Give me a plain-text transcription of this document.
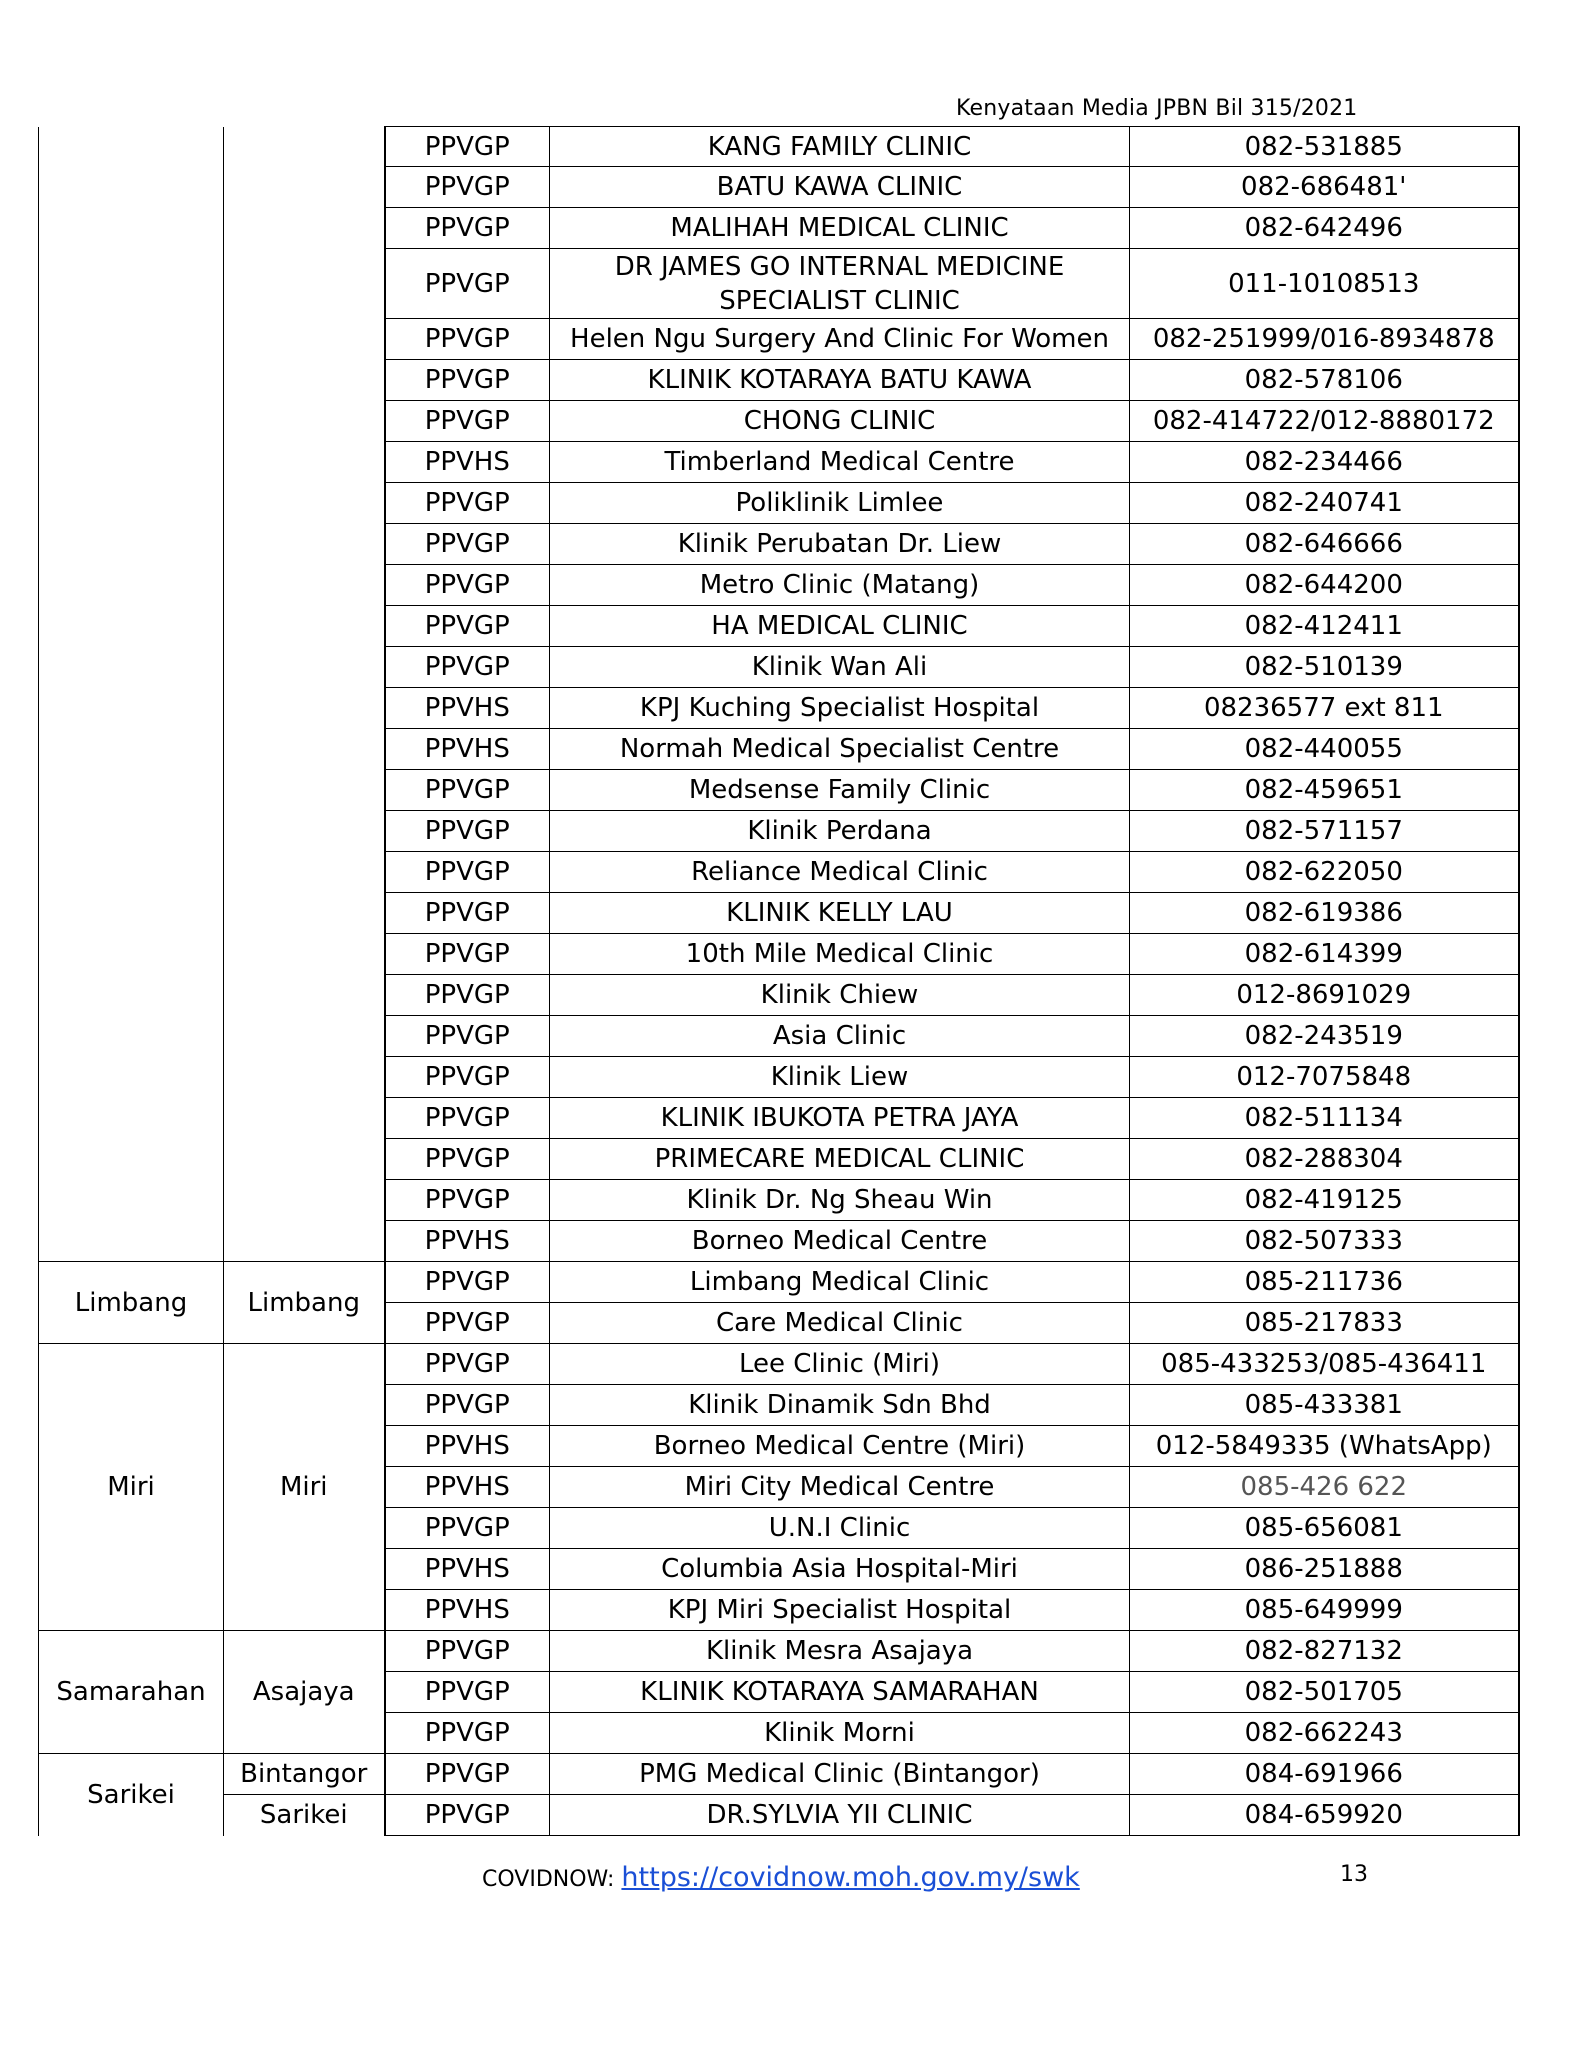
Kenyataan Media JPBN Bil 315/2021
		PPVGP	KANG FAMILY CLINIC	082-531885
		PPVGP	BATU KAWA CLINIC	082-686481'
		PPVGP	MALIHAH MEDICAL CLINIC	082-642496
		PPVGP	DR JAMES GO INTERNAL MEDICINE SPECIALIST CLINIC	011-10108513
		PPVGP	Helen Ngu Surgery And Clinic For Women	082-251999/016-8934878
		PPVGP	KLINIK KOTARAYA BATU KAWA	082-578106
		PPVGP	CHONG CLINIC	082-414722/012-8880172
		PPVHS	Timberland Medical Centre	082-234466
		PPVGP	Poliklinik Limlee	082-240741
		PPVGP	Klinik Perubatan Dr. Liew	082-646666
		PPVGP	Metro Clinic (Matang)	082-644200
		PPVGP	HA MEDICAL CLINIC	082-412411
		PPVGP	Klinik Wan Ali	082-510139
		PPVHS	KPJ Kuching Specialist Hospital	08236577 ext 811
		PPVHS	Normah Medical Specialist Centre	082-440055
		PPVGP	Medsense Family Clinic	082-459651
		PPVGP	Klinik Perdana	082-571157
		PPVGP	Reliance Medical Clinic	082-622050
		PPVGP	KLINIK KELLY LAU	082-619386
		PPVGP	10th Mile Medical Clinic	082-614399
		PPVGP	Klinik Chiew	012-8691029
		PPVGP	Asia Clinic	082-243519
		PPVGP	Klinik Liew	012-7075848
		PPVGP	KLINIK IBUKOTA PETRA JAYA	082-511134
		PPVGP	PRIMECARE MEDICAL CLINIC	082-288304
		PPVGP	Klinik Dr. Ng Sheau Win	082-419125
		PPVHS	Borneo Medical Centre	082-507333
Limbang	Limbang	PPVGP	Limbang Medical Clinic	085-211736
		PPVGP	Care Medical Clinic	085-217833
Miri	Miri	PPVGP	Lee Clinic (Miri)	085-433253/085-436411
		PPVGP	Klinik Dinamik Sdn Bhd	085-433381
		PPVHS	Borneo Medical Centre (Miri)	012-5849335 (WhatsApp)
		PPVHS	Miri City Medical Centre	085-426 622
		PPVGP	U.N.I Clinic	085-656081
		PPVHS	Columbia Asia Hospital-Miri	086-251888
		PPVHS	KPJ Miri Specialist Hospital	085-649999
Samarahan	Asajaya	PPVGP	Klinik Mesra Asajaya	082-827132
		PPVGP	KLINIK KOTARAYA SAMARAHAN	082-501705
		PPVGP	Klinik Morni	082-662243
Sarikei	Bintangor	PPVGP	PMG Medical Clinic (Bintangor)	084-691966
	Sarikei	PPVGP	DR.SYLVIA YII CLINIC	084-659920
COVIDNOW: https://covidnow.moh.gov.my/swk	13
